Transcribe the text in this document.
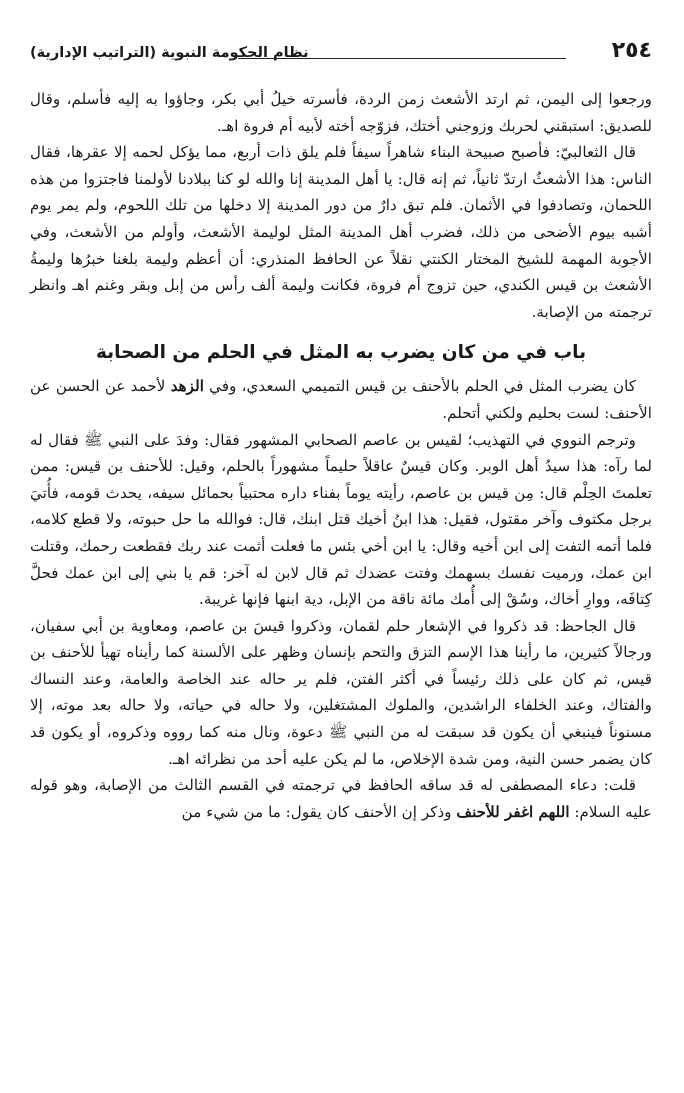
٢٥٤
نظام الحكومة النبوية (التراتيب الإدارية)

ورجعوا إلى اليمن، ثم ارتد الأشعث زمن الردة، فأسرته خيلُ أبي بكر، وجاؤوا به إليه فأسلم، وقال للصديق: استبقني لحربك وزوجني أختك، فزوّجه أخته لأبيه أم فروة اهـ.

قال الثعالبيّ: فأصبح صبيحة البناء شاهراً سيفاً فلم يلق ذات أربع، مما يؤكل لحمه إلا عقرها، فقال الناس: هذا الأشعثُ ارتدّ ثانياً، ثم إنه قال: يا أهل المدينة إنا والله لو كنا ببلادنا لأولمنا فاجتزوا من هذه اللحمان، وتصادفوا في الأثمان. فلم تبق دارٌ من دور المدينة إلا دخلها من تلك اللحوم، ولم يمر يوم أشبه بيوم الأضحى من ذلك، فضرب أهل المدينة المثل لوليمة الأشعث، وأولم من الأشعث، وفي الأجوبة المهمة للشيخ المختار الكنتي نقلاً عن الحافظ المنذري: أن أعظم وليمة بلغنا خبرُها وليمةُ الأشعث بن قيس الكندي، حين تزوج أم فروة، فكانت وليمة ألف رأس من إبل وبقر وغنم اهـ وانظر ترجمته من الإصابة.

باب في من كان يضرب به المثل في الحلم من الصحابة

كان يضرب المثل في الحلم بالأحنف بن قيس التميمي السعدي، وفي الزهد لأحمد عن الحسن عن الأحنف: لست بحليم ولكني أتحلم.

وترجم النووي في التهذيب؛ لقيس بن عاصم الصحابي المشهور فقال: وفدَ على النبي ﷺ فقال له لما رآه: هذا سيدُ أهل الوبر. وكان قيسٌ عاقلاً حليماً مشهوراً بالحلم، وقيل: للأحنف بن قيس: ممن تعلمتَ الحِلْم قال: مِن قيس بن عاصم، رأيته يوماً بفناء داره محتبياً بحمائل سيفه، يحدث قومه، فأُتيَ برجل مكتوف وآخر مقتول، فقيل: هذا ابنُ أخيك قتل ابنك، قال: فوالله ما حل حبوته، ولا قطع كلامه، فلما أتمه التفت إلى ابن أخيه وقال: يا ابن أخي بئس ما فعلت أثمت عند ربك فقطعت رحمك، وقتلت ابن عمك، ورميت نفسك بسهمك وفتت عضدك ثم قال لابن له آخر: قم يا بني إلى ابن عمك فحلَّ كِتافَه، ووارِ أخاك، وسُقْ إلى أُمك مائة ناقة من الإبل، دية ابنها فإنها غريبة.

قال الجاحظ: قد ذكروا في الإشعار حلم لقمان، وذكروا قيسَ بن عاصم، ومعاوية بن أبي سفيان، ورجالاً كثيرين، ما رأينا هذا الإسم التزق والتحم بإنسان وظهر على الألسنة كما رأيناه تهيأ للأحنف بن قيس، ثم كان على ذلك رئيساً في أكثر الفتن، فلم ير حاله عند الخاصة والعامة، وعند النساك والفتاك، وعند الخلفاء الراشدين، والملوك المشتغلين، ولا حاله في حياته، ولا حاله بعد موته، إلا مسنوناً فينبغي أن يكون قد سبقت له من النبي ﷺ دعوة، ونال منه كما رووه وذكروه، أو يكون قد كان يضمر حسن النية، ومن شدة الإخلاص، ما لم يكن عليه أحد من نظرائه اهـ.

قلت: دعاء المصطفى له قد ساقه الحافظ في ترجمته في القسم الثالث من الإصابة، وهو قوله عليه السلام: اللهم اغفر للأحنف وذكر إن الأحنف كان يقول: ما من شيء من
